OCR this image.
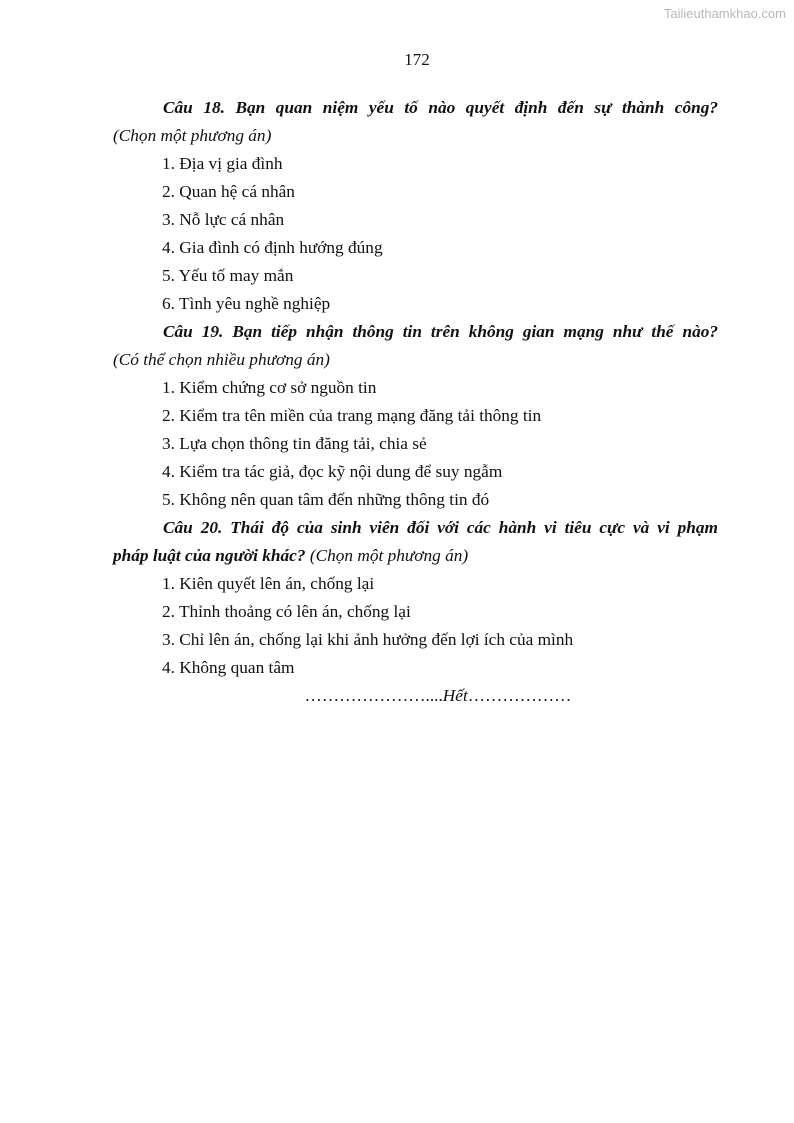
Tailieuthamkhao.com
172
Câu 18. Bạn quan niệm yếu tố nào quyết định đến sự thành công?
(Chọn một phương án)
1. Địa vị gia đình
2. Quan hệ cá nhân
3. Nỗ lực cá nhân
4. Gia đình có định hướng đúng
5. Yếu tố may mắn
6. Tình yêu nghề nghiệp
Câu 19. Bạn tiếp nhận thông tin trên không gian mạng như thế nào?
(Có thể chọn nhiều phương án)
1. Kiểm chứng cơ sở nguồn tin
2. Kiểm tra tên miền của trang mạng đăng tải thông tin
3. Lựa chọn thông tin đăng tải, chia sẻ
4. Kiểm tra tác giả, đọc kỹ nội dung để suy ngẫm
5. Không nên quan tâm đến những thông tin đó
Câu 20. Thái độ của sinh viên đối với các hành vi tiêu cực và vi phạm
pháp luật của người khác? (Chọn một phương án)
1. Kiên quyết lên án, chống lại
2. Thỉnh thoảng có lên án, chống lại
3. Chỉ lên án, chống lại khi ảnh hưởng đến lợi ích của mình
4. Không quan tâm
…………………....Hết………………
